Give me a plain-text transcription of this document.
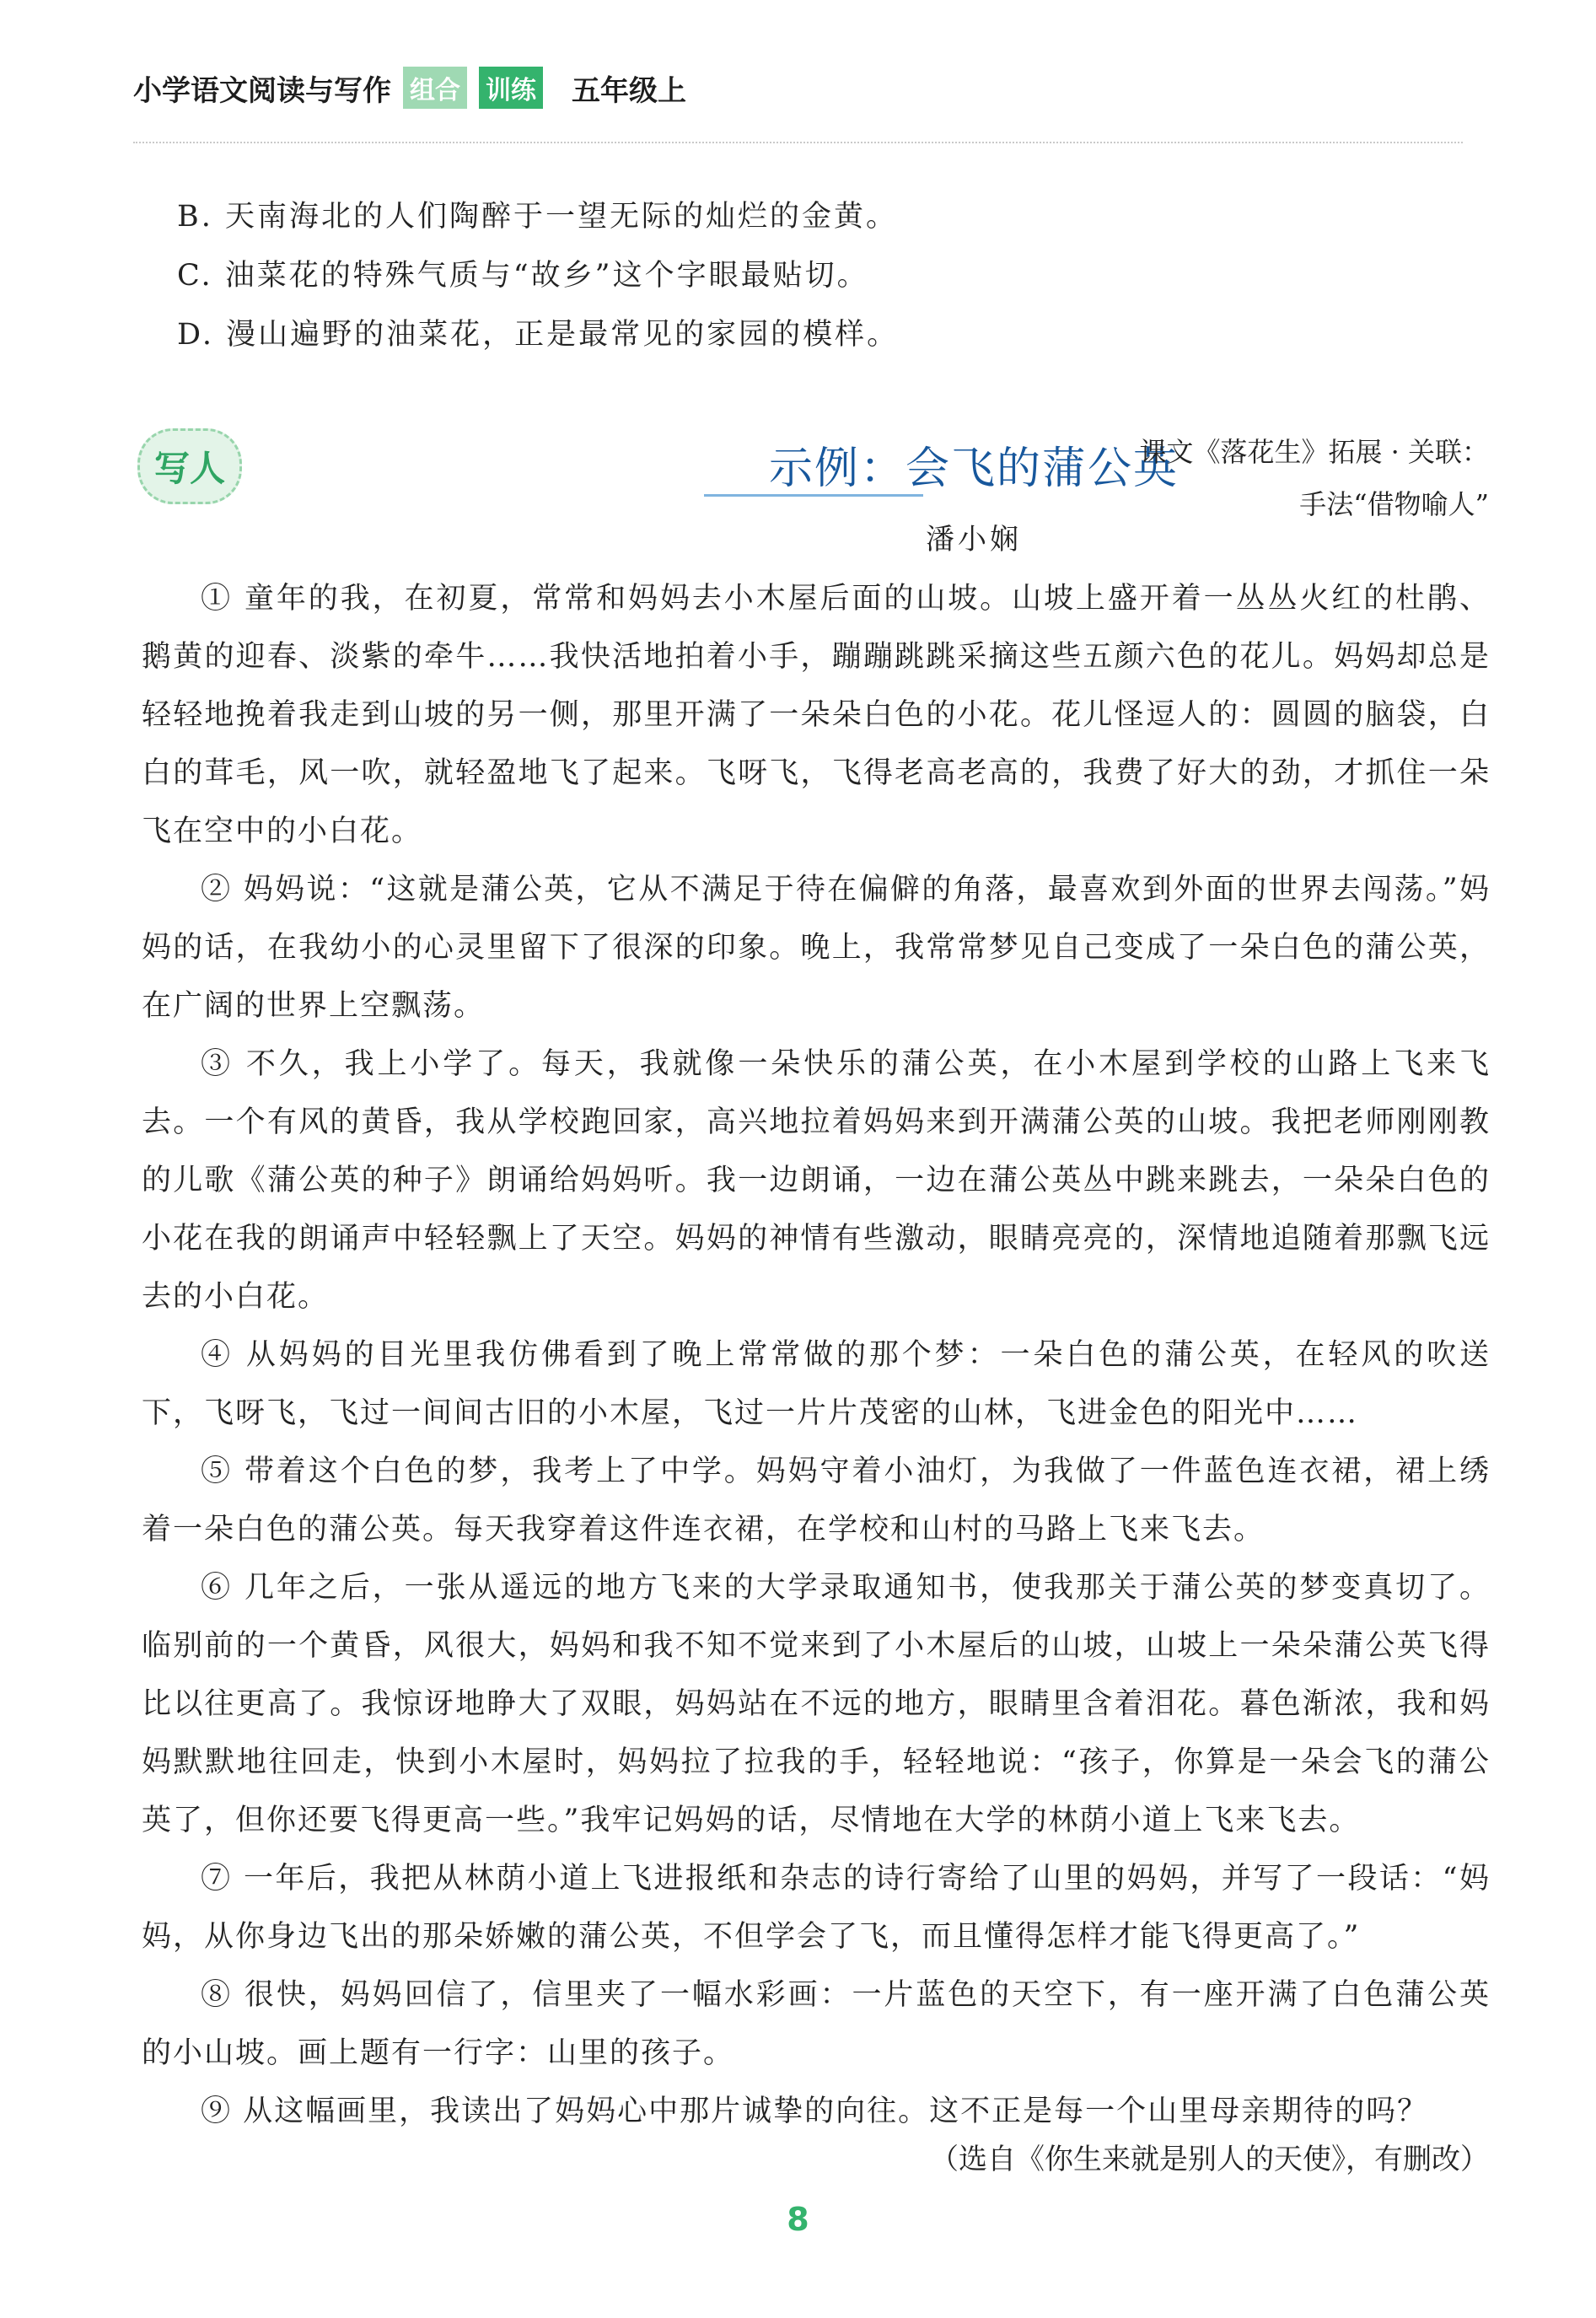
小学语文阅读与写作 组合 训练 五年级上
B. 天南海北的人们陶醉于一望无际的灿烂的金黄。
C. 油菜花的特殊气质与“故乡”这个字眼最贴切。
D. 漫山遍野的油菜花，正是最常见的家园的模样。
写人	示例：会飞的蒲公英
课文《落花生》拓展 · 关联：
手法“借物喻人”
潘小娴

① 童年的我，在初夏，常常和妈妈去小木屋后面的山坡。山坡上盛开着一丛丛火红的杜鹃、鹅黄的迎春、淡紫的牵牛……我快活地拍着小手，蹦蹦跳跳采摘这些五颜六色的花儿。妈妈却总是轻轻地挽着我走到山坡的另一侧，那里开满了一朵朵白色的小花。花儿怪逗人的：圆圆的脑袋，白白的茸毛，风一吹，就轻盈地飞了起来。飞呀飞，飞得老高老高的，我费了好大的劲，才抓住一朵飞在空中的小白花。

② 妈妈说：“这就是蒲公英，它从不满足于待在偏僻的角落，最喜欢到外面的世界去闯荡。”妈妈的话，在我幼小的心灵里留下了很深的印象。晚上，我常常梦见自己变成了一朵白色的蒲公英，在广阔的世界上空飘荡。

③ 不久，我上小学了。每天，我就像一朵快乐的蒲公英，在小木屋到学校的山路上飞来飞去。一个有风的黄昏，我从学校跑回家，高兴地拉着妈妈来到开满蒲公英的山坡。我把老师刚刚教的儿歌《蒲公英的种子》朗诵给妈妈听。我一边朗诵，一边在蒲公英丛中跳来跳去，一朵朵白色的小花在我的朗诵声中轻轻飘上了天空。妈妈的神情有些激动，眼睛亮亮的，深情地追随着那飘飞远去的小白花。

④ 从妈妈的目光里我仿佛看到了晚上常常做的那个梦：一朵白色的蒲公英，在轻风的吹送下，飞呀飞，飞过一间间古旧的小木屋，飞过一片片茂密的山林，飞进金色的阳光中……

⑤ 带着这个白色的梦，我考上了中学。妈妈守着小油灯，为我做了一件蓝色连衣裙，裙上绣着一朵白色的蒲公英。每天我穿着这件连衣裙，在学校和山村的马路上飞来飞去。

⑥ 几年之后，一张从遥远的地方飞来的大学录取通知书，使我那关于蒲公英的梦变真切了。临别前的一个黄昏，风很大，妈妈和我不知不觉来到了小木屋后的山坡，山坡上一朵朵蒲公英飞得比以往更高了。我惊讶地睁大了双眼，妈妈站在不远的地方，眼睛里含着泪花。暮色渐浓，我和妈妈默默地往回走，快到小木屋时，妈妈拉了拉我的手，轻轻地说：“孩子，你算是一朵会飞的蒲公英了，但你还要飞得更高一些。”我牢记妈妈的话，尽情地在大学的林荫小道上飞来飞去。

⑦ 一年后，我把从林荫小道上飞进报纸和杂志的诗行寄给了山里的妈妈，并写了一段话：“妈妈，从你身边飞出的那朵娇嫩的蒲公英，不但学会了飞，而且懂得怎样才能飞得更高了。”

⑧ 很快，妈妈回信了，信里夹了一幅水彩画：一片蓝色的天空下，有一座开满了白色蒲公英的小山坡。画上题有一行字：山里的孩子。

⑨ 从这幅画里，我读出了妈妈心中那片诚挚的向往。这不正是每一个山里母亲期待的吗？

（选自《你生来就是别人的天使》，有删改）
8
